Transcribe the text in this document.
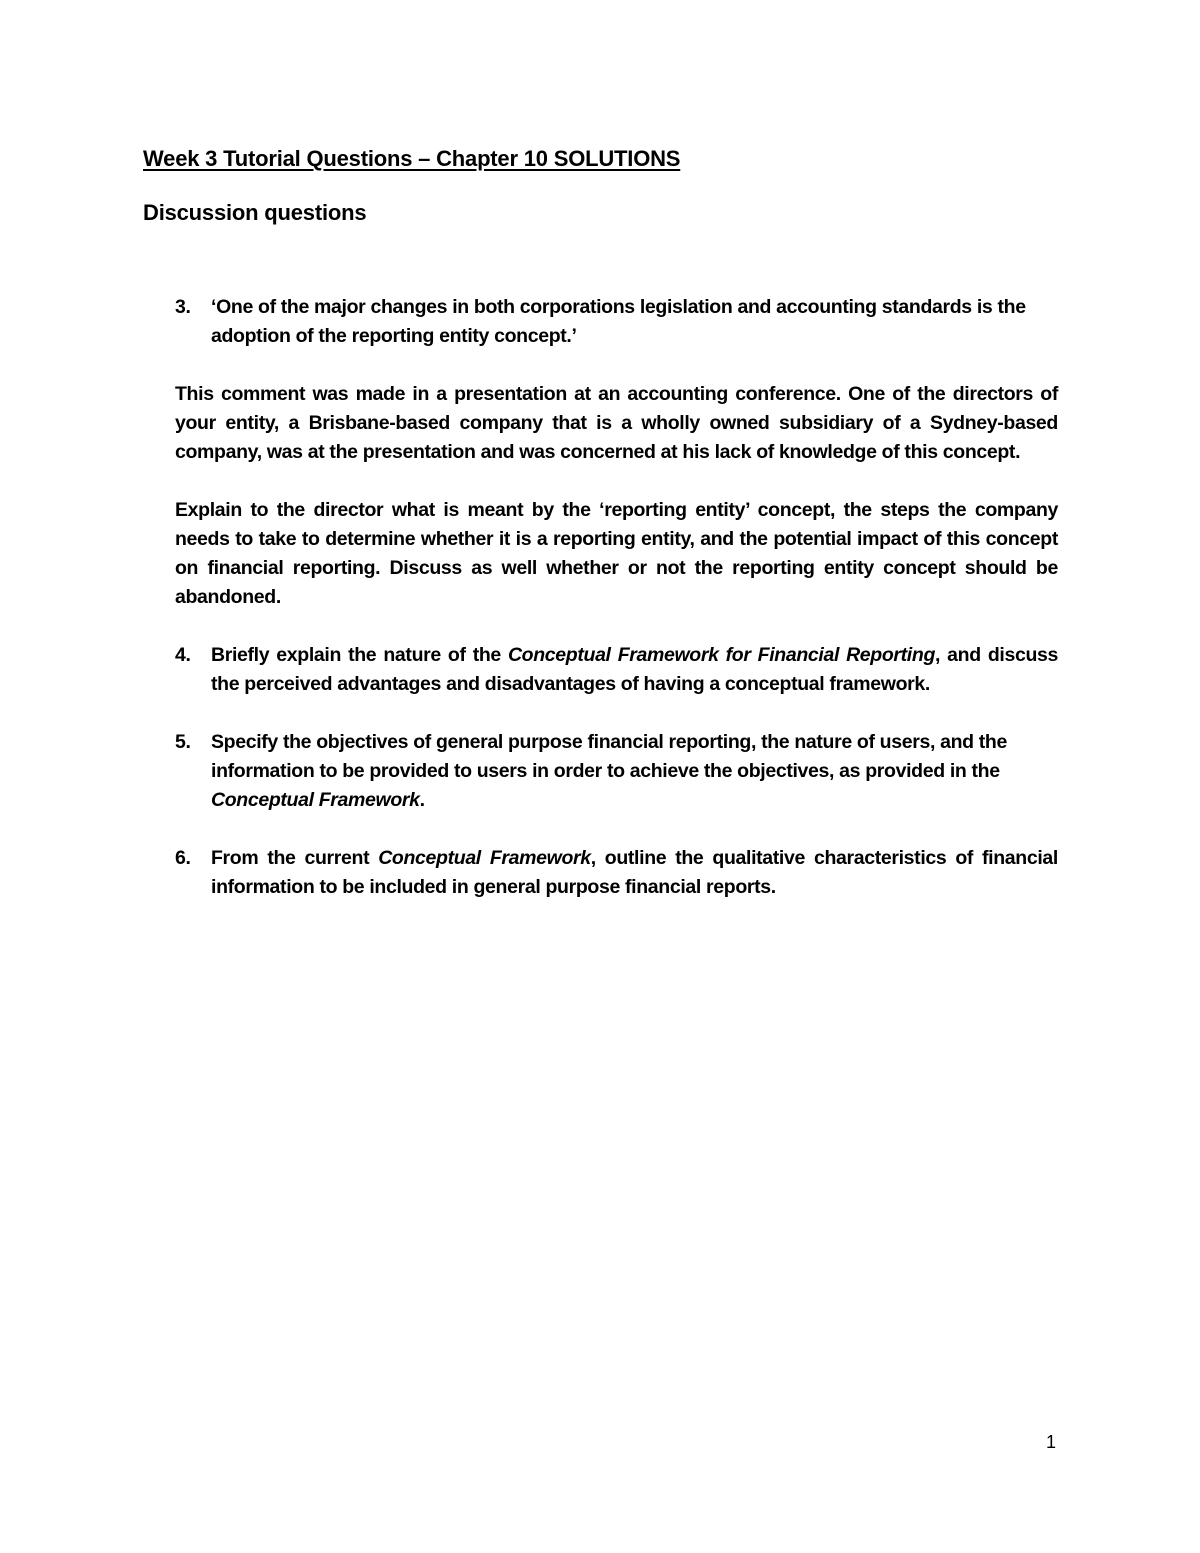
Week 3 Tutorial Questions – Chapter 10 SOLUTIONS
Discussion questions
3. ‘One of the major changes in both corporations legislation and accounting standards is the adoption of the reporting entity concept.’
This comment was made in a presentation at an accounting conference. One of the directors of your entity, a Brisbane-based company that is a wholly owned subsidiary of a Sydney-based company, was at the presentation and was concerned at his lack of knowledge of this concept.
Explain to the director what is meant by the ‘reporting entity’ concept, the steps the company needs to take to determine whether it is a reporting entity, and the potential impact of this concept on financial reporting. Discuss as well whether or not the reporting entity concept should be abandoned.
4. Briefly explain the nature of the Conceptual Framework for Financial Reporting, and discuss the perceived advantages and disadvantages of having a conceptual framework.
5. Specify the objectives of general purpose financial reporting, the nature of users, and the information to be provided to users in order to achieve the objectives, as provided in the Conceptual Framework.
6. From the current Conceptual Framework, outline the qualitative characteristics of financial information to be included in general purpose financial reports.
1
